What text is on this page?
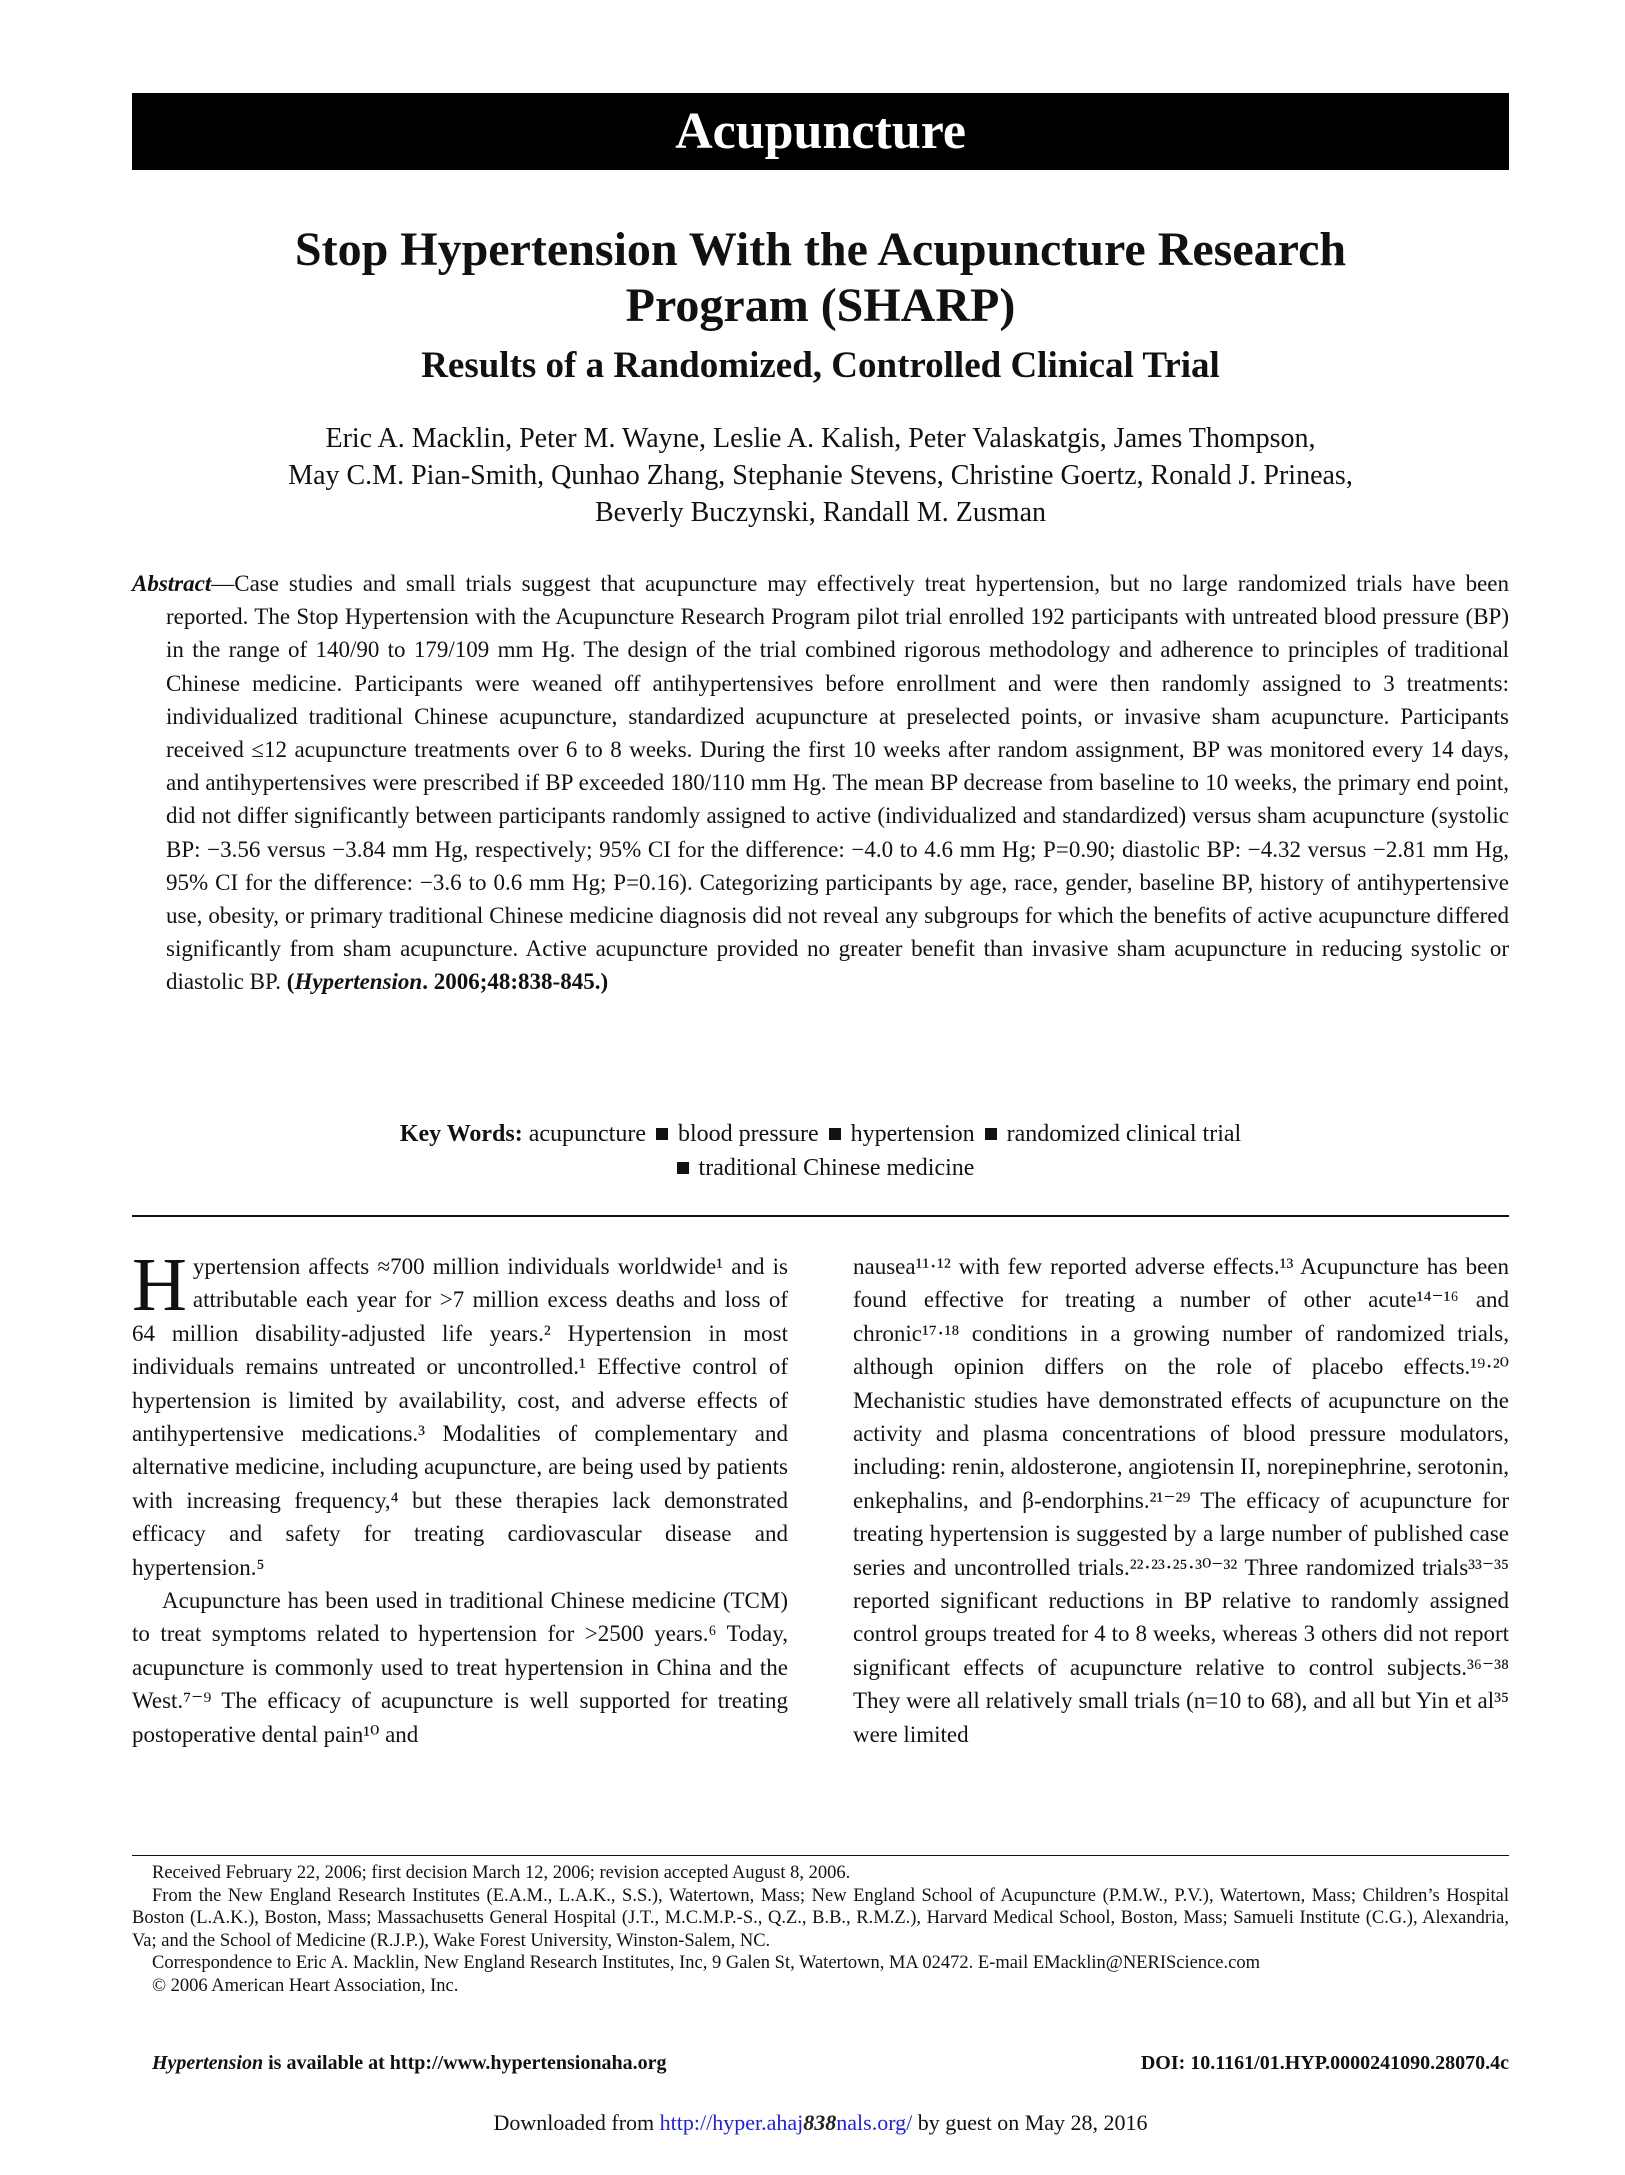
Acupuncture
Stop Hypertension With the Acupuncture Research
Program (SHARP)
Results of a Randomized, Controlled Clinical Trial
Eric A. Macklin, Peter M. Wayne, Leslie A. Kalish, Peter Valaskatgis, James Thompson,
May C.M. Pian-Smith, Qunhao Zhang, Stephanie Stevens, Christine Goertz, Ronald J. Prineas,
Beverly Buczynski, Randall M. Zusman
Abstract—Case studies and small trials suggest that acupuncture may effectively treat hypertension, but no large randomized trials have been reported. The Stop Hypertension with the Acupuncture Research Program pilot trial enrolled 192 participants with untreated blood pressure (BP) in the range of 140/90 to 179/109 mm Hg. The design of the trial combined rigorous methodology and adherence to principles of traditional Chinese medicine. Participants were weaned off antihypertensives before enrollment and were then randomly assigned to 3 treatments: individualized traditional Chinese acupuncture, standardized acupuncture at preselected points, or invasive sham acupuncture. Participants received ≤12 acupuncture treatments over 6 to 8 weeks. During the first 10 weeks after random assignment, BP was monitored every 14 days, and antihypertensives were prescribed if BP exceeded 180/110 mm Hg. The mean BP decrease from baseline to 10 weeks, the primary end point, did not differ significantly between participants randomly assigned to active (individualized and standardized) versus sham acupuncture (systolic BP: −3.56 versus −3.84 mm Hg, respectively; 95% CI for the difference: −4.0 to 4.6 mm Hg; P=0.90; diastolic BP: −4.32 versus −2.81 mm Hg, 95% CI for the difference: −3.6 to 0.6 mm Hg; P=0.16). Categorizing participants by age, race, gender, baseline BP, history of antihypertensive use, obesity, or primary traditional Chinese medicine diagnosis did not reveal any subgroups for which the benefits of active acupuncture differed significantly from sham acupuncture. Active acupuncture provided no greater benefit than invasive sham acupuncture in reducing systolic or diastolic BP. (Hypertension. 2006;48:838-845.)
Key Words: acupuncture blood pressure hypertension randomized clinical trial
traditional Chinese medicine

Hypertension affects ≈700 million individuals worldwide¹ and is attributable each year for >7 million excess deaths and loss of 64 million disability-adjusted life years.² Hypertension in most individuals remains untreated or uncontrolled.¹ Effective control of hypertension is limited by availability, cost, and adverse effects of antihypertensive medications.³ Modalities of complementary and alternative medicine, including acupuncture, are being used by patients with increasing frequency,⁴ but these therapies lack demonstrated efficacy and safety for treating cardiovascular disease and hypertension.⁵

Acupuncture has been used in traditional Chinese medicine (TCM) to treat symptoms related to hypertension for >2500 years.⁶ Today, acupuncture is commonly used to treat hypertension in China and the West.⁷⁻⁹ The efficacy of acupuncture is well supported for treating postoperative dental pain¹⁰ and

nausea¹¹·¹² with few reported adverse effects.¹³ Acupuncture has been found effective for treating a number of other acute¹⁴⁻¹⁶ and chronic¹⁷·¹⁸ conditions in a growing number of randomized trials, although opinion differs on the role of placebo effects.¹⁹·²⁰ Mechanistic studies have demonstrated effects of acupuncture on the activity and plasma concentrations of blood pressure modulators, including: renin, aldosterone, angiotensin II, norepinephrine, serotonin, enkephalins, and β-endorphins.²¹⁻²⁹ The efficacy of acupuncture for treating hypertension is suggested by a large number of published case series and uncontrolled trials.²²·²³·²⁵·³⁰⁻³² Three randomized trials³³⁻³⁵ reported significant reductions in BP relative to randomly assigned control groups treated for 4 to 8 weeks, whereas 3 others did not report significant effects of acupuncture relative to control subjects.³⁶⁻³⁸ They were all relatively small trials (n=10 to 68), and all but Yin et al³⁵ were limited

Received February 22, 2006; first decision March 12, 2006; revision accepted August 8, 2006.

From the New England Research Institutes (E.A.M., L.A.K., S.S.), Watertown, Mass; New England School of Acupuncture (P.M.W., P.V.), Watertown, Mass; Children’s Hospital Boston (L.A.K.), Boston, Mass; Massachusetts General Hospital (J.T., M.C.M.P.-S., Q.Z., B.B., R.M.Z.), Harvard Medical School, Boston, Mass; Samueli Institute (C.G.), Alexandria, Va; and the School of Medicine (R.J.P.), Wake Forest University, Winston-Salem, NC.

Correspondence to Eric A. Macklin, New England Research Institutes, Inc, 9 Galen St, Watertown, MA 02472. E-mail EMacklin@NERIScience.com

© 2006 American Heart Association, Inc.

Hypertension is available at http://www.hypertensionaha.org	DOI: 10.1161/01.HYP.0000241090.28070.4c
Downloaded from http://hyper.ahaj838nals.org/ by guest on May 28, 2016
